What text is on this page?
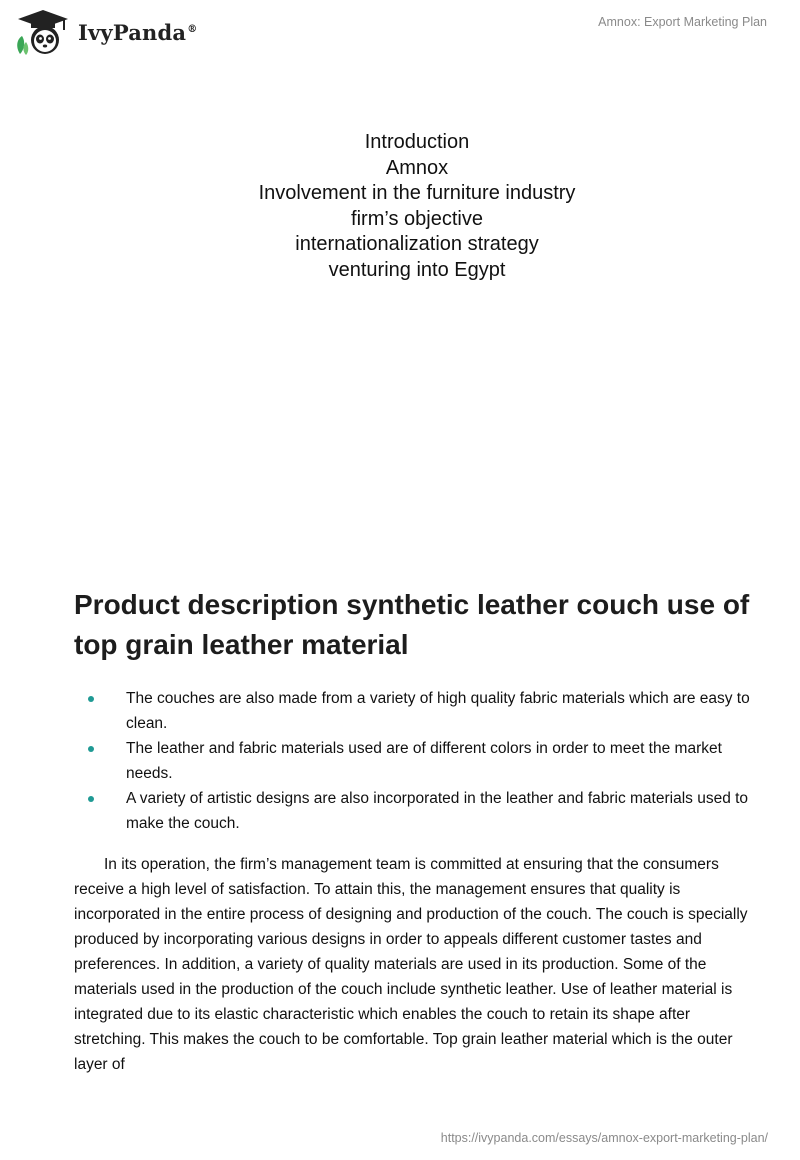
IvyPanda®	Amnox: Export Marketing Plan
Introduction
Amnox
Involvement in the furniture industry
firm’s objective
internationalization strategy
venturing into Egypt
Product description synthetic leather couch use of top grain leather material
The couches are also made from a variety of high quality fabric materials which are easy to clean.
The leather and fabric materials used are of different colors in order to meet the market needs.
A variety of artistic designs are also incorporated in the leather and fabric materials used to make the couch.

In its operation, the firm’s management team is committed at ensuring that the consumers receive a high level of satisfaction. To attain this, the management ensures that quality is incorporated in the entire process of designing and production of the couch. The couch is specially produced by incorporating various designs in order to appeals different customer tastes and preferences. In addition, a variety of quality materials are used in its production. Some of the materials used in the production of the couch include synthetic leather. Use of leather material is integrated due to its elastic characteristic which enables the couch to retain its shape after stretching. This makes the couch to be comfortable. Top grain leather material which is the outer layer of

https://ivypanda.com/essays/amnox-export-marketing-plan/
